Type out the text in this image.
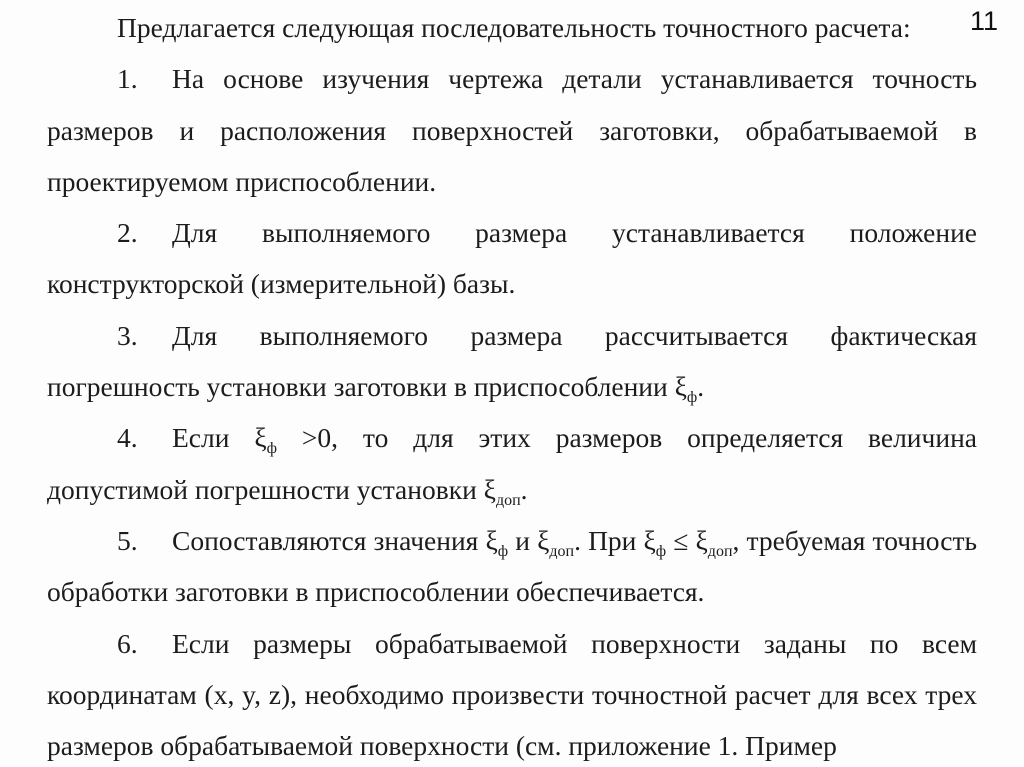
11

Предлагается следующая последовательность точностного расчета:

1. На основе изучения чертежа детали устанавливается точность размеров и расположения поверхностей заготовки, обрабатываемой в проектируемом приспособлении.

2. Для выполняемого размера устанавливается положение конструкторской (измерительной) базы.

3. Для выполняемого размера рассчитывается фактическая погрешность установки заготовки в приспособлении $\xi_ф$.

4. Если $\xi_ф >0$, то для этих размеров определяется величина допустимой погрешности установки $\xi_{доп}$.

5. Сопоставляются значения $\xi_ф$ и $\xi_{доп}$. При $\xi_ф \le \xi_{доп}$, требуемая точность обработки заготовки в приспособлении обеспечивается.

6. Если размеры обрабатываемой поверхности заданы по всем координатам (x, y, z), необходимо произвести точностной расчет для всех трех размеров обрабатываемой поверхности (см. приложение 1. Пример
